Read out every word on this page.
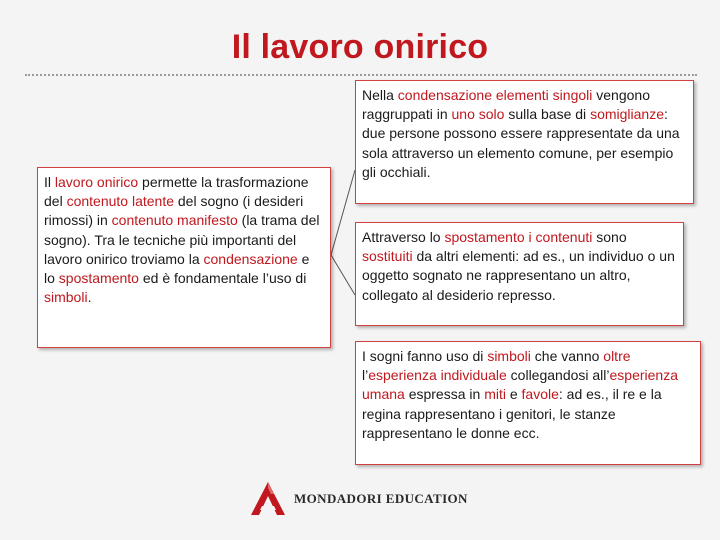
Il lavoro onirico
Il lavoro onirico permette la trasformazione del contenuto latente del sogno (i desideri rimossi) in contenuto manifesto (la trama del sogno). Tra le tecniche più importanti del lavoro onirico troviamo la condensazione e lo spostamento ed è fondamentale l’uso di simboli.
Nella condensazione elementi singoli vengono raggruppati in uno solo sulla base di somiglianze: due persone possono essere rappresentate da una sola attraverso un elemento comune, per esempio gli occhiali.
Attraverso lo spostamento i contenuti sono sostituiti da altri elementi: ad es., un individuo o un oggetto sognato ne rappresentano un altro, collegato al desiderio represso.
I sogni fanno uso di simboli che vanno oltre l’esperienza individuale collegandosi all’esperienza umana espressa in miti e favole: ad es., il re e la regina rappresentano i genitori, le stanze rappresentano le donne ecc.
MONDADORI EDUCATION
